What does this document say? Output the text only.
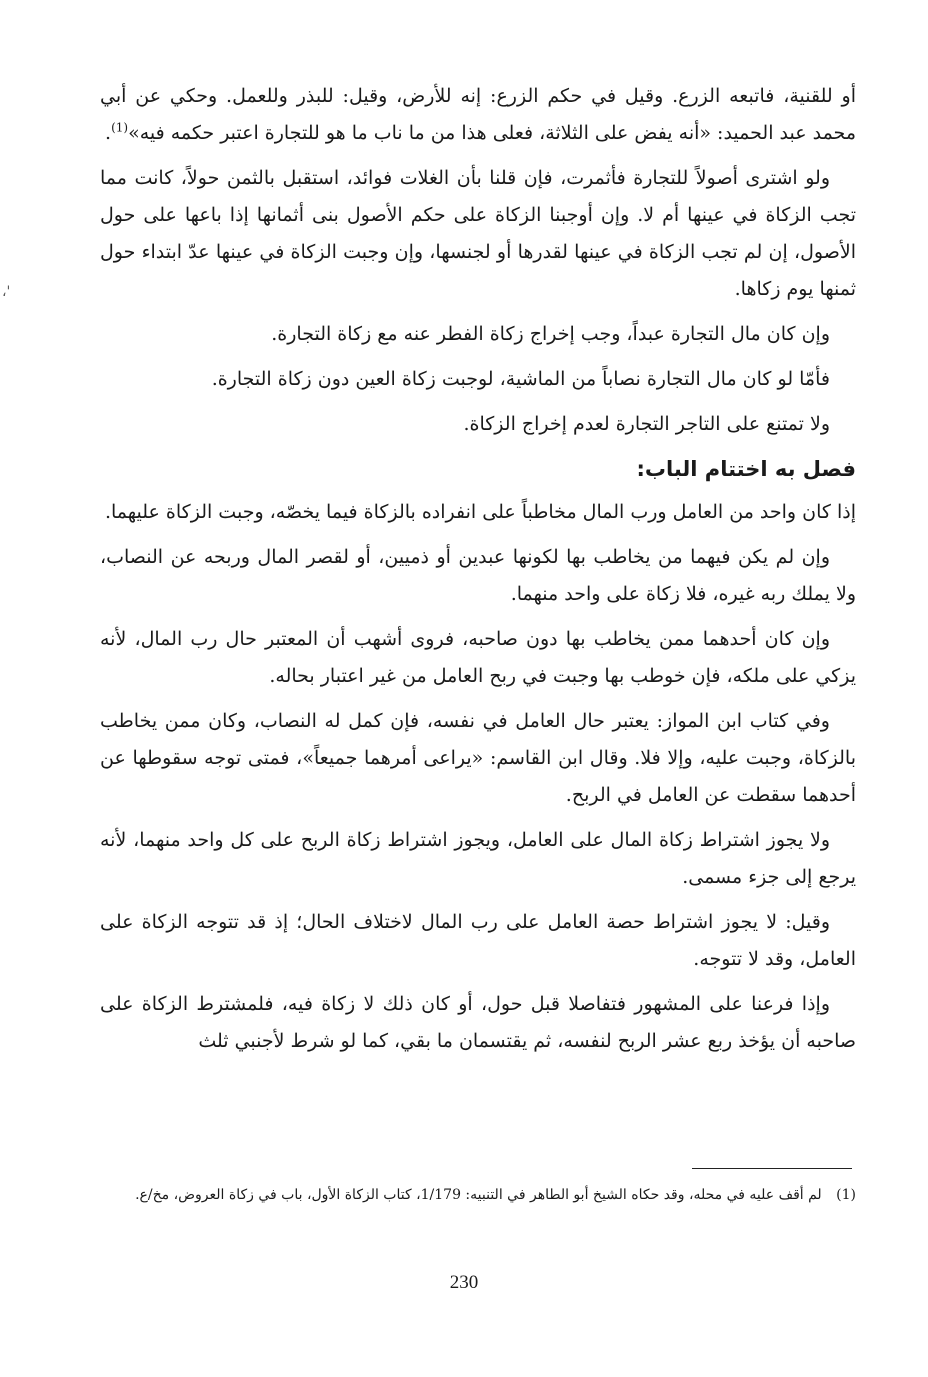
،'

أو للقنية، فاتبعه الزرع. وقيل في حكم الزرع: إنه للأرض، وقيل: للبذر وللعمل. وحكي عن أبي محمد عبد الحميد: «أنه يفض على الثلاثة، فعلى هذا من ما ناب ما هو للتجارة اعتبر حكمه فيه»$^{(1)}$.

ولو اشترى أصولاً للتجارة فأثمرت، فإن قلنا بأن الغلات فوائد، استقبل بالثمن حولاً، كانت مما تجب الزكاة في عينها أم لا. وإن أوجبنا الزكاة على حكم الأصول بنى أثمانها إذا باعها على حول الأصول، إن لم تجب الزكاة في عينها لقدرها أو لجنسها، وإن وجبت الزكاة في عينها عدّ ابتداء حول ثمنها يوم زكاها.

وإن كان مال التجارة عبداً، وجب إخراج زكاة الفطر عنه مع زكاة التجارة.

فأمّا لو كان مال التجارة نصاباً من الماشية، لوجبت زكاة العين دون زكاة التجارة.

ولا تمتنع على التاجر التجارة لعدم إخراج الزكاة.

فصل به اختتام الباب:

إذا كان واحد من العامل ورب المال مخاطباً على انفراده بالزكاة فيما يخصّه، وجبت الزكاة عليهما.

وإن لم يكن فيهما من يخاطب بها لكونها عبدين أو ذميين، أو لقصر المال وربحه عن النصاب، ولا يملك ربه غيره، فلا زكاة على واحد منهما.

وإن كان أحدهما ممن يخاطب بها دون صاحبه، فروى أشهب أن المعتبر حال رب المال، لأنه يزكي على ملكه، فإن خوطب بها وجبت في ربح العامل من غير اعتبار بحاله.

وفي كتاب ابن المواز: يعتبر حال العامل في نفسه، فإن كمل له النصاب، وكان ممن يخاطب بالزكاة، وجبت عليه، وإلا فلا. وقال ابن القاسم: «يراعى أمرهما جميعاً»، فمتى توجه سقوطها عن أحدهما سقطت عن العامل في الربح.

ولا يجوز اشتراط زكاة المال على العامل، ويجوز اشتراط زكاة الربح على كل واحد منهما، لأنه يرجع إلى جزء مسمى.

وقيل: لا يجوز اشتراط حصة العامل على رب المال لاختلاف الحال؛ إذ قد تتوجه الزكاة على العامل، وقد لا تتوجه.

وإذا فرعنا على المشهور فتفاصلا قبل حول، أو كان ذلك لا زكاة فيه، فلمشترط الزكاة على صاحبه أن يؤخذ ربع عشر الربح لنفسه، ثم يقتسمان ما بقي، كما لو شرط لأجنبي ثلث

(1) لم أقف عليه في محله، وقد حكاه الشيخ أبو الطاهر في التنبيه: 1/179، كتاب الزكاة الأول، باب في زكاة العروض، مخ/ع.
230
